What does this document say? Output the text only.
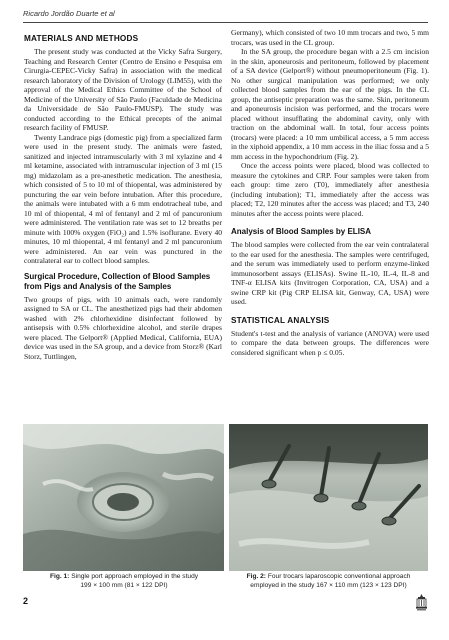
Ricardo Jordão Duarte et al
MATERIALS AND METHODS

The present study was conducted at the Vicky Safra Surgery, Teaching and Research Center (Centro de Ensino e Pesquisa em Cirurgia-CEPEC-Vicky Safra) in association with the medical research laboratory of the Division of Urology (LIM55), with the approval of the Medical Ethics Committee of the School of Medicine of the University of São Paulo (Faculdade de Medicina da Universidade de São Paulo-FMUSP). The study was conducted according to the Ethical precepts of the animal research facility of FMUSP.

Twenty Landrace pigs (domestic pig) from a specialized farm were used in the present study. The animals were fasted, sanitized and injected intramuscularly with 3 ml xylazine and 4 ml ketamine, associated with intramuscular injection of 3 ml (15 mg) midazolam as a pre-anesthetic medication. The anesthesia, which consisted of 5 to 10 ml of thiopental, was administered by puncturing the ear vein before intubation. After this procedure, the animals were intubated with a 6 mm endotracheal tube, and 10 ml of thiopental, 4 ml of fentanyl and 2 ml of pancuronium were administered. The ventilation rate was set to 12 breaths per minute with 100% oxygen (FiO₂) and 1.5% isoflurane. Every 40 minutes, 10 ml thiopental, 4 ml fentanyl and 2 ml pancuronium were administered. An ear vein was punctured in the contralateral ear to collect blood samples.

Surgical Procedure, Collection of Blood Samples from Pigs and Analysis of the Samples

Two groups of pigs, with 10 animals each, were randomly assigned to SA or CL. The anesthetized pigs had their abdomen washed with 2% chlorhexidine disinfectant followed by antisepsis with 0.5% chlorhexidine alcohol, and sterile drapes were placed. The Gelport® (Applied Medical, California, EUA) device was used in the SA group, and a device from Storz® (Karl Storz, Tuttlingen,

Germany), which consisted of two 10 mm trocars and two, 5 mm trocars, was used in the CL group.

In the SA group, the procedure began with a 2.5 cm incision in the skin, aponeurosis and peritoneum, followed by placement of a SA device (Gelport®) without pneumoperitoneum (Fig. 1). No other surgical manipulation was performed; we only collected blood samples from the ear of the pigs. In the CL group, the antiseptic preparation was the same. Skin, peritoneum and aponeurosis incision was performed, and the trocars were placed without insufflating the abdominal cavity, only with traction on the abdominal wall. In total, four access points (trocars) were placed: a 10 mm umbilical access, a 5 mm access in the xiphoid appendix, a 10 mm access in the iliac fossa and a 5 mm access in the hypochondrium (Fig. 2).

Once the access points were placed, blood was collected to measure the cytokines and CRP. Four samples were taken from each group: time zero (T0), immediately after anesthesia (including intubation); T1, immediately after the access was placed; T2, 120 minutes after the access was placed; and T3, 240 minutes after the access points were placed.

Analysis of Blood Samples by ELISA

The blood samples were collected from the ear vein contralateral to the ear used for the anesthesia. The samples were centrifuged, and the serum was immediately used to perform enzyme-linked immunosorbent assays (ELISAs). Swine IL-10, IL-4, IL-8 and TNF-α ELISA kits (Invitrogen Corporation, CA, USA) and a swine CRP kit (Pig CRP ELISA kit, Genway, CA, USA) were used.

STATISTICAL ANALYSIS

Student's t-test and the analysis of variance (ANOVA) were used to compare the data between groups. The differences were considered significant when p ≤ 0.05.

Fig. 1: Single port approach employed in the study
199 × 100 mm (81 × 122 DPI)
Fig. 2: Four trocars laparoscopic conventional approach
employed in the study 167 × 110 mm (123 × 123 DPI)
2
